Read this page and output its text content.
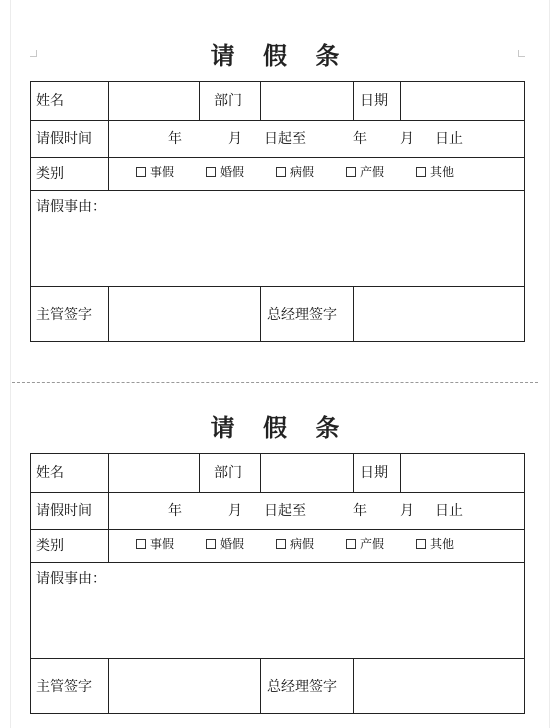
请 假 条
姓名	部门	日期
请假时间	年	月 日起至	年 月 日止
类别	事假	婚假	病假	产假	其他
请假事由：
主管签字	总经理签字
请 假 条
姓名	部门	日期
请假时间	年	月 日起至	年 月 日止
类别	事假	婚假	病假	产假	其他
请假事由：
主管签字	总经理签字
